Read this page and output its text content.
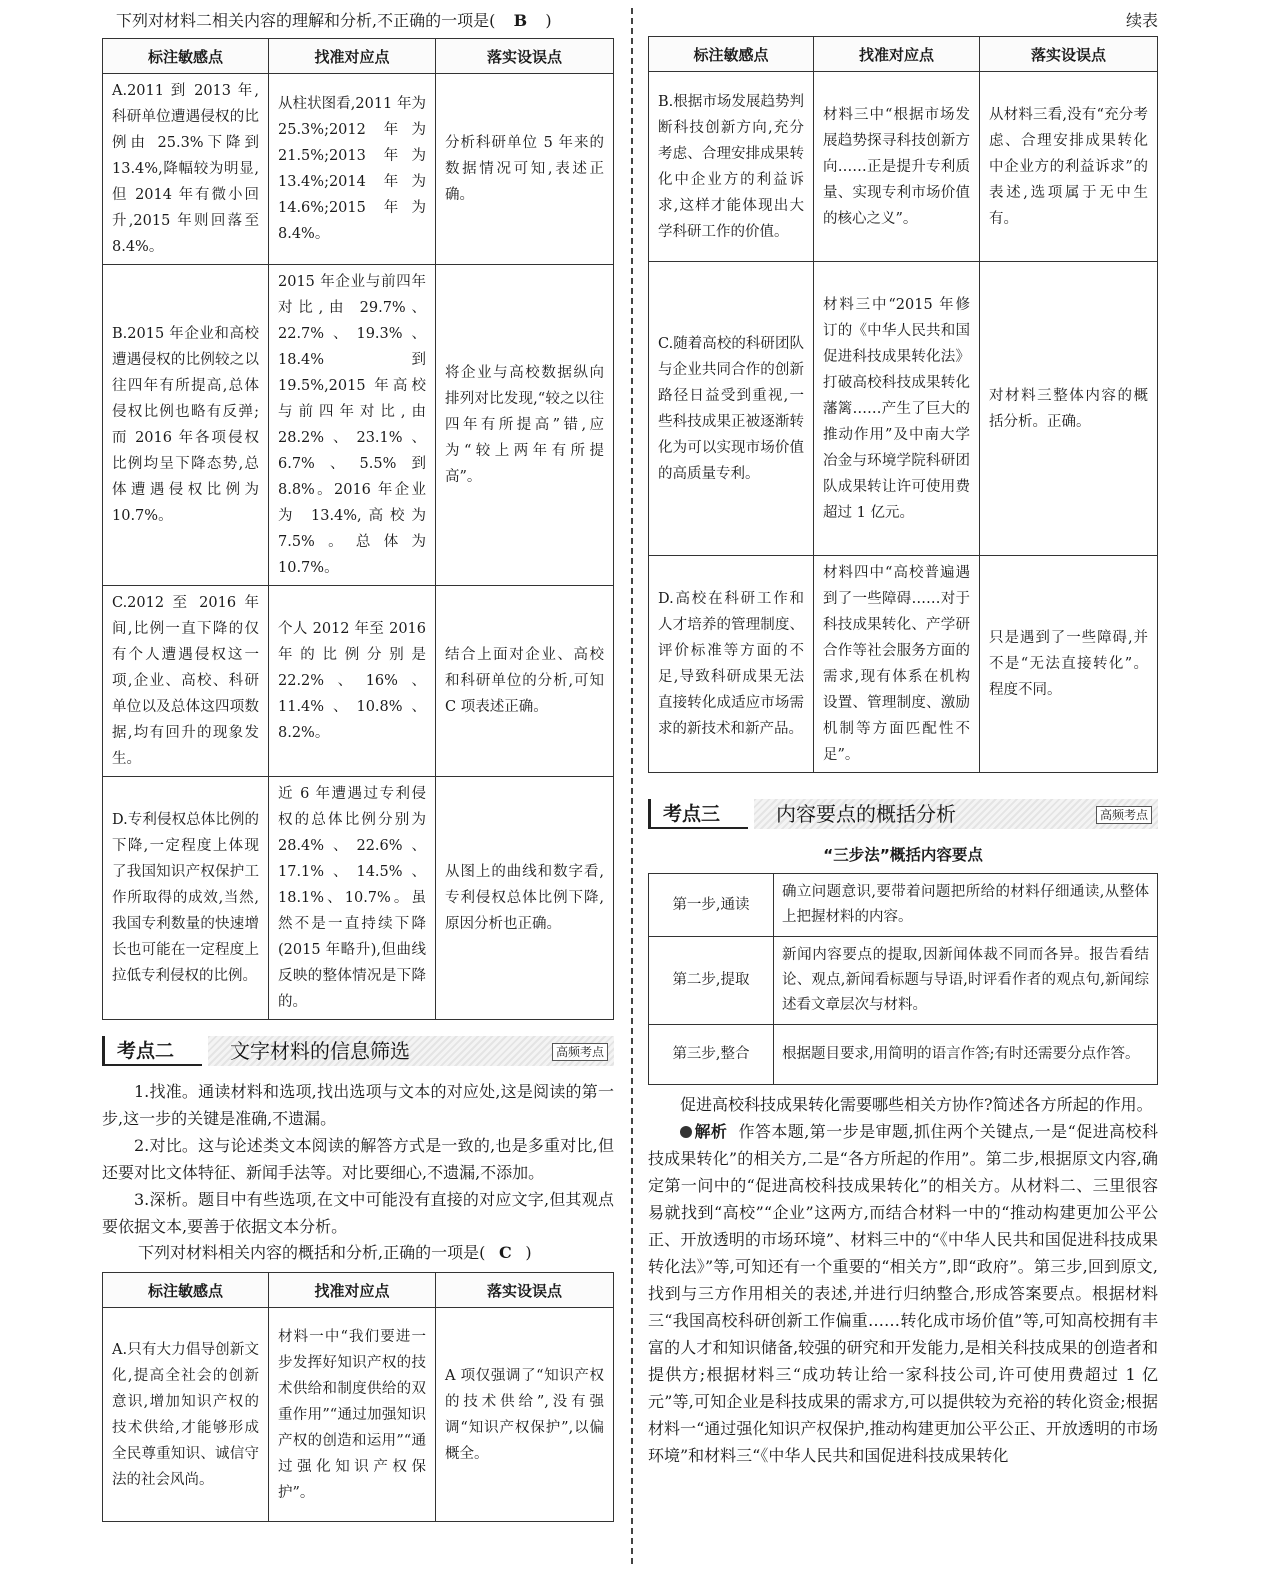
下列对材料二相关内容的理解和分析,不正确的一项是( B )
标注敏感点	找准对应点	落实设误点
A.2011 到 2013 年,科研单位遭遇侵权的比例由 25.3%下降到 13.4%,降幅较为明显,但 2014 年有微小回升,2015 年则回落至 8.4%。	从柱状图看,2011 年为 25.3%;2012 年为 21.5%;2013 年为 13.4%;2014 年为 14.6%;2015 年为 8.4%。	分析科研单位 5 年来的数据情况可知,表述正确。
B.2015 年企业和高校遭遇侵权的比例较之以往四年有所提高,总体侵权比例也略有反弹;而 2016 年各项侵权比例均呈下降态势,总体遭遇侵权比例为 10.7%。	2015 年企业与前四年对比,由 29.7%、22.7%、19.3%、18.4%到 19.5%,2015 年高校与前四年对比,由 28.2%、23.1%、6.7%、5.5%到 8.8%。2016 年企业为 13.4%,高校为 7.5%。总体为 10.7%。	将企业与高校数据纵向排列对比发现,“较之以往四年有所提高”错,应为“较上两年有所提高”。
C.2012 至 2016 年间,比例一直下降的仅有个人遭遇侵权这一项,企业、高校、科研单位以及总体这四项数据,均有回升的现象发生。	个人 2012 年至 2016 年的比例分别是 22.2%、16%、11.4%、10.8%、8.2%。	结合上面对企业、高校和科研单位的分析,可知 C 项表述正确。
D.专利侵权总体比例的下降,一定程度上体现了我国知识产权保护工作所取得的成效,当然,我国专利数量的快速增长也可能在一定程度上拉低专利侵权的比例。	近 6 年遭遇过专利侵权的总体比例分别为 28.4%、22.6%、17.1%、14.5%、18.1%、10.7%。虽然不是一直持续下降(2015 年略升),但曲线反映的整体情况是下降的。	从图上的曲线和数字看,专利侵权总体比例下降,原因分析也正确。
考点二	文字材料的信息筛选	高频考点

1.找准。通读材料和选项,找出选项与文本的对应处,这是阅读的第一步,这一步的关键是准确,不遗漏。

2.对比。这与论述类文本阅读的解答方式是一致的,也是多重对比,但还要对比文体特征、新闻手法等。对比要细心,不遗漏,不添加。

3.深析。题目中有些选项,在文中可能没有直接的对应文字,但其观点要依据文本,要善于依据文本分析。

下列对材料相关内容的概括和分析,正确的一项是( C )
标注敏感点	找准对应点	落实设误点
A.只有大力倡导创新文化,提高全社会的创新意识,增加知识产权的技术供给,才能够形成全民尊重知识、诚信守法的社会风尚。	材料一中“我们要进一步发挥好知识产权的技术供给和制度供给的双重作用”“通过加强知识产权的创造和运用”“通过强化知识产权保护”。	A 项仅强调了“知识产权的技术供给”,没有强调“知识产权保护”,以偏概全。
续表
标注敏感点	找准对应点	落实设误点
B.根据市场发展趋势判断科技创新方向,充分考虑、合理安排成果转化中企业方的利益诉求,这样才能体现出大学科研工作的价值。	材料三中“根据市场发展趋势探寻科技创新方向……正是提升专利质量、实现专利市场价值的核心之义”。	从材料三看,没有“充分考虑、合理安排成果转化中企业方的利益诉求”的表述,选项属于无中生有。
C.随着高校的科研团队与企业共同合作的创新路径日益受到重视,一些科技成果正被逐渐转化为可以实现市场价值的高质量专利。	材料三中“2015 年修订的《中华人民共和国促进科技成果转化法》打破高校科技成果转化藩篱……产生了巨大的推动作用”及中南大学冶金与环境学院科研团队成果转让许可使用费超过 1 亿元。	对材料三整体内容的概括分析。正确。
D.高校在科研工作和人才培养的管理制度、评价标准等方面的不足,导致科研成果无法直接转化成适应市场需求的新技术和新产品。	材料四中“高校普遍遇到了一些障碍……对于科技成果转化、产学研合作等社会服务方面的需求,现有体系在机构设置、管理制度、激励机制等方面匹配性不足”。	只是遇到了一些障碍,并不是“无法直接转化”。程度不同。
考点三	内容要点的概括分析	高频考点
“三步法”概括内容要点
第一步,通读	确立问题意识,要带着问题把所给的材料仔细通读,从整体上把握材料的内容。
第二步,提取	新闻内容要点的提取,因新闻体裁不同而各异。报告看结论、观点,新闻看标题与导语,时评看作者的观点句,新闻综述看文章层次与材料。
第三步,整合	根据题目要求,用简明的语言作答;有时还需要分点作答。

促进高校科技成果转化需要哪些相关方协作?简述各方所起的作用。

解析 作答本题,第一步是审题,抓住两个关键点,一是“促进高校科技成果转化”的相关方,二是“各方所起的作用”。第二步,根据原文内容,确定第一问中的“促进高校科技成果转化”的相关方。从材料二、三里很容易就找到“高校”“企业”这两方,而结合材料一中的“推动构建更加公平公正、开放透明的市场环境”、材料三中的“《中华人民共和国促进科技成果转化法》”等,可知还有一个重要的“相关方”,即“政府”。第三步,回到原文,找到与三方作用相关的表述,并进行归纳整合,形成答案要点。根据材料三“我国高校科研创新工作偏重……转化成市场价值”等,可知高校拥有丰富的人才和知识储备,较强的研究和开发能力,是相关科技成果的创造者和提供方;根据材料三“成功转让给一家科技公司,许可使用费超过 1 亿元”等,可知企业是科技成果的需求方,可以提供较为充裕的转化资金;根据材料一“通过强化知识产权保护,推动构建更加公平公正、开放透明的市场环境”和材料三“《中华人民共和国促进科技成果转化
